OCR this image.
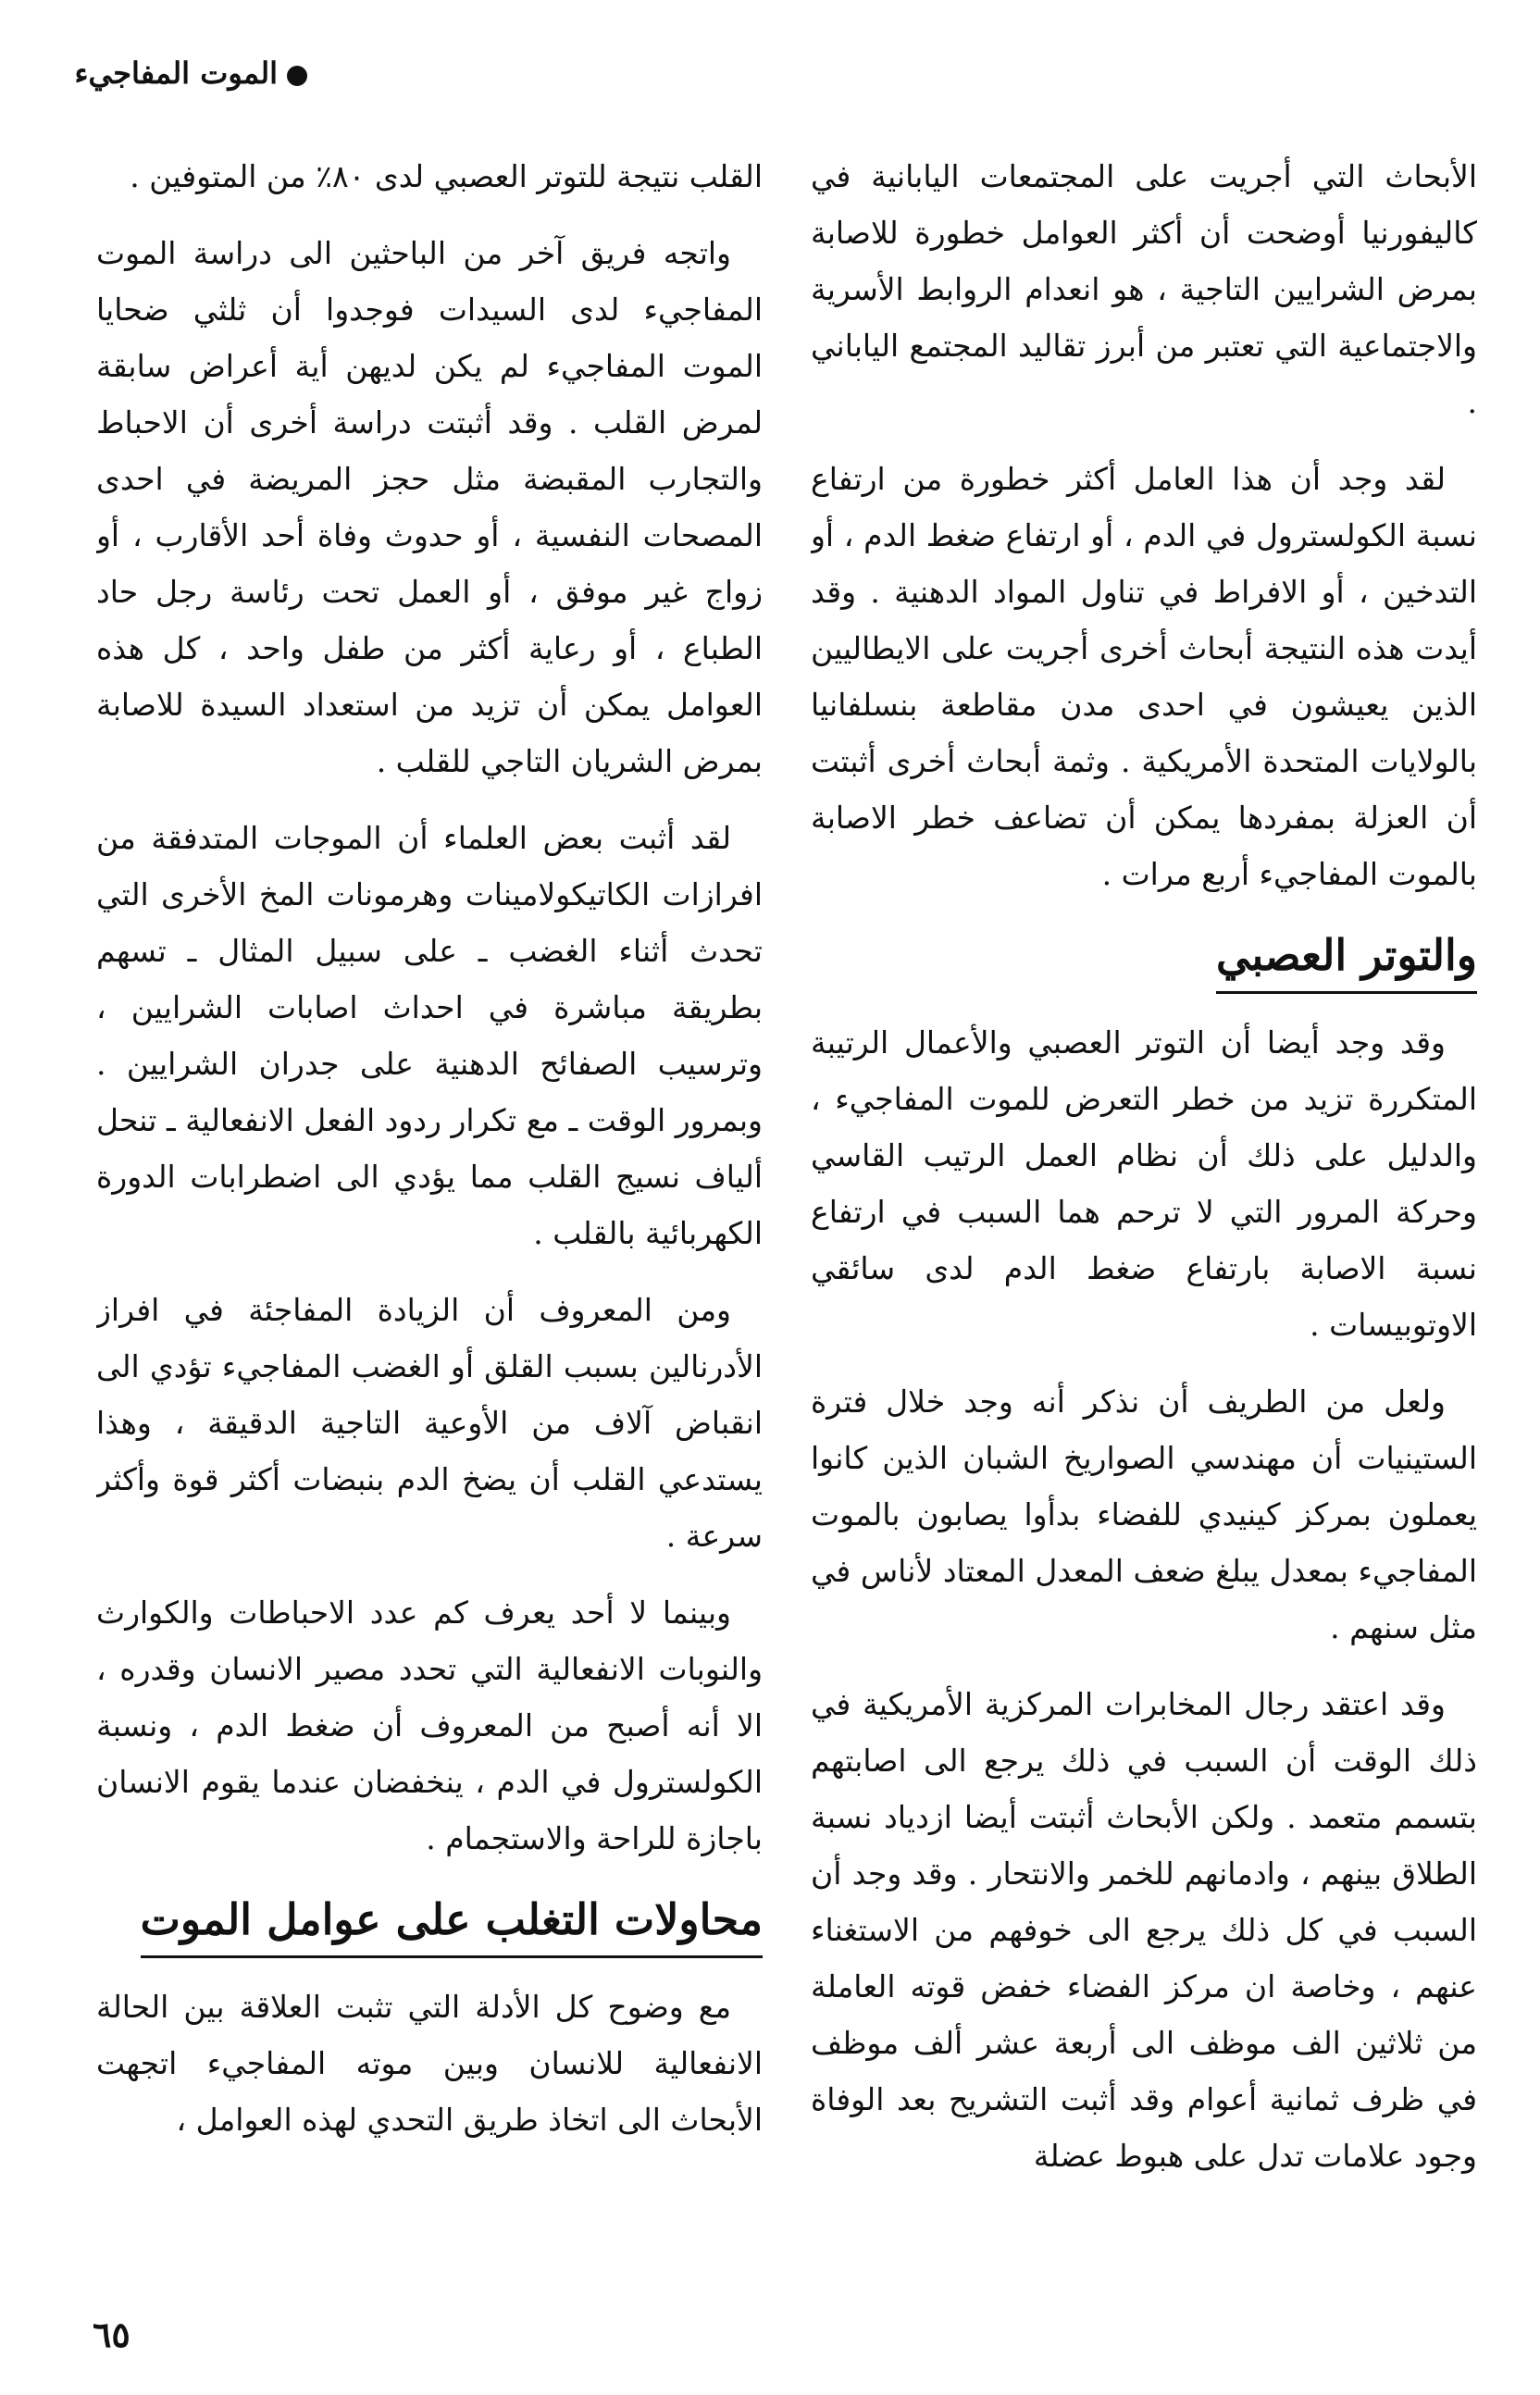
الموت المفاجيء

الأبحاث التي أجريت على المجتمعات اليابانية في كاليفورنيا أوضحت أن أكثر العوامل خطورة للاصابة بمرض الشرايين التاجية ، هو انعدام الروابط الأسرية والاجتماعية التي تعتبر من أبرز تقاليد المجتمع الياباني .

لقد وجد أن هذا العامل أكثر خطورة من ارتفاع نسبة الكولسترول في الدم ، أو ارتفاع ضغط الدم ، أو التدخين ، أو الافراط في تناول المواد الدهنية . وقد أيدت هذه النتيجة أبحاث أخرى أجريت على الايطاليين الذين يعيشون في احدى مدن مقاطعة بنسلفانيا بالولايات المتحدة الأمريكية . وثمة أبحاث أخرى أثبتت أن العزلة بمفردها يمكن أن تضاعف خطر الاصابة بالموت المفاجيء أربع مرات .

والتوتر العصبي

وقد وجد أيضا أن التوتر العصبي والأعمال الرتيبة المتكررة تزيد من خطر التعرض للموت المفاجيء ، والدليل على ذلك أن نظام العمل الرتيب القاسي وحركة المرور التي لا ترحم هما السبب في ارتفاع نسبة الاصابة بارتفاع ضغط الدم لدى سائقي الاوتوبيسات .

ولعل من الطريف أن نذكر أنه وجد خلال فترة الستينيات أن مهندسي الصواريخ الشبان الذين كانوا يعملون بمركز كينيدي للفضاء بدأوا يصابون بالموت المفاجيء بمعدل يبلغ ضعف المعدل المعتاد لأناس في مثل سنهم .

وقد اعتقد رجال المخابرات المركزية الأمريكية في ذلك الوقت أن السبب في ذلك يرجع الى اصابتهم بتسمم متعمد . ولكن الأبحاث أثبتت أيضا ازدياد نسبة الطلاق بينهم ، وادمانهم للخمر والانتحار . وقد وجد أن السبب في كل ذلك يرجع الى خوفهم من الاستغناء عنهم ، وخاصة ان مركز الفضاء خفض قوته العاملة من ثلاثين الف موظف الى أربعة عشر ألف موظف في ظرف ثمانية أعوام وقد أثبت التشريح بعد الوفاة وجود علامات تدل على هبوط عضلة

القلب نتيجة للتوتر العصبي لدى ٨٠٪ من المتوفين .

واتجه فريق آخر من الباحثين الى دراسة الموت المفاجيء لدى السيدات فوجدوا أن ثلثي ضحايا الموت المفاجيء لم يكن لديهن أية أعراض سابقة لمرض القلب . وقد أثبتت دراسة أخرى أن الاحباط والتجارب المقبضة مثل حجز المريضة في احدى المصحات النفسية ، أو حدوث وفاة أحد الأقارب ، أو زواج غير موفق ، أو العمل تحت رئاسة رجل حاد الطباع ، أو رعاية أكثر من طفل واحد ، كل هذه العوامل يمكن أن تزيد من استعداد السيدة للاصابة بمرض الشريان التاجي للقلب .

لقد أثبت بعض العلماء أن الموجات المتدفقة من افرازات الكاتيكولامينات وهرمونات المخ الأخرى التي تحدث أثناء الغضب ـ على سبيل المثال ـ تسهم بطريقة مباشرة في احداث اصابات الشرايين ، وترسيب الصفائح الدهنية على جدران الشرايين . وبمرور الوقت ـ مع تكرار ردود الفعل الانفعالية ـ تنحل ألياف نسيج القلب مما يؤدي الى اضطرابات الدورة الكهربائية بالقلب .

ومن المعروف أن الزيادة المفاجئة في افراز الأدرنالين بسبب القلق أو الغضب المفاجيء تؤدي الى انقباض آلاف من الأوعية التاجية الدقيقة ، وهذا يستدعي القلب أن يضخ الدم بنبضات أكثر قوة وأكثر سرعة .

وبينما لا أحد يعرف كم عدد الاحباطات والكوارث والنوبات الانفعالية التي تحدد مصير الانسان وقدره ، الا أنه أصبح من المعروف أن ضغط الدم ، ونسبة الكولسترول في الدم ، ينخفضان عندما يقوم الانسان باجازة للراحة والاستجمام .

محاولات التغلب على عوامل الموت

مع وضوح كل الأدلة التي تثبت العلاقة بين الحالة الانفعالية للانسان وبين موته المفاجيء اتجهت الأبحاث الى اتخاذ طريق التحدي لهذه العوامل ،

٦٥
